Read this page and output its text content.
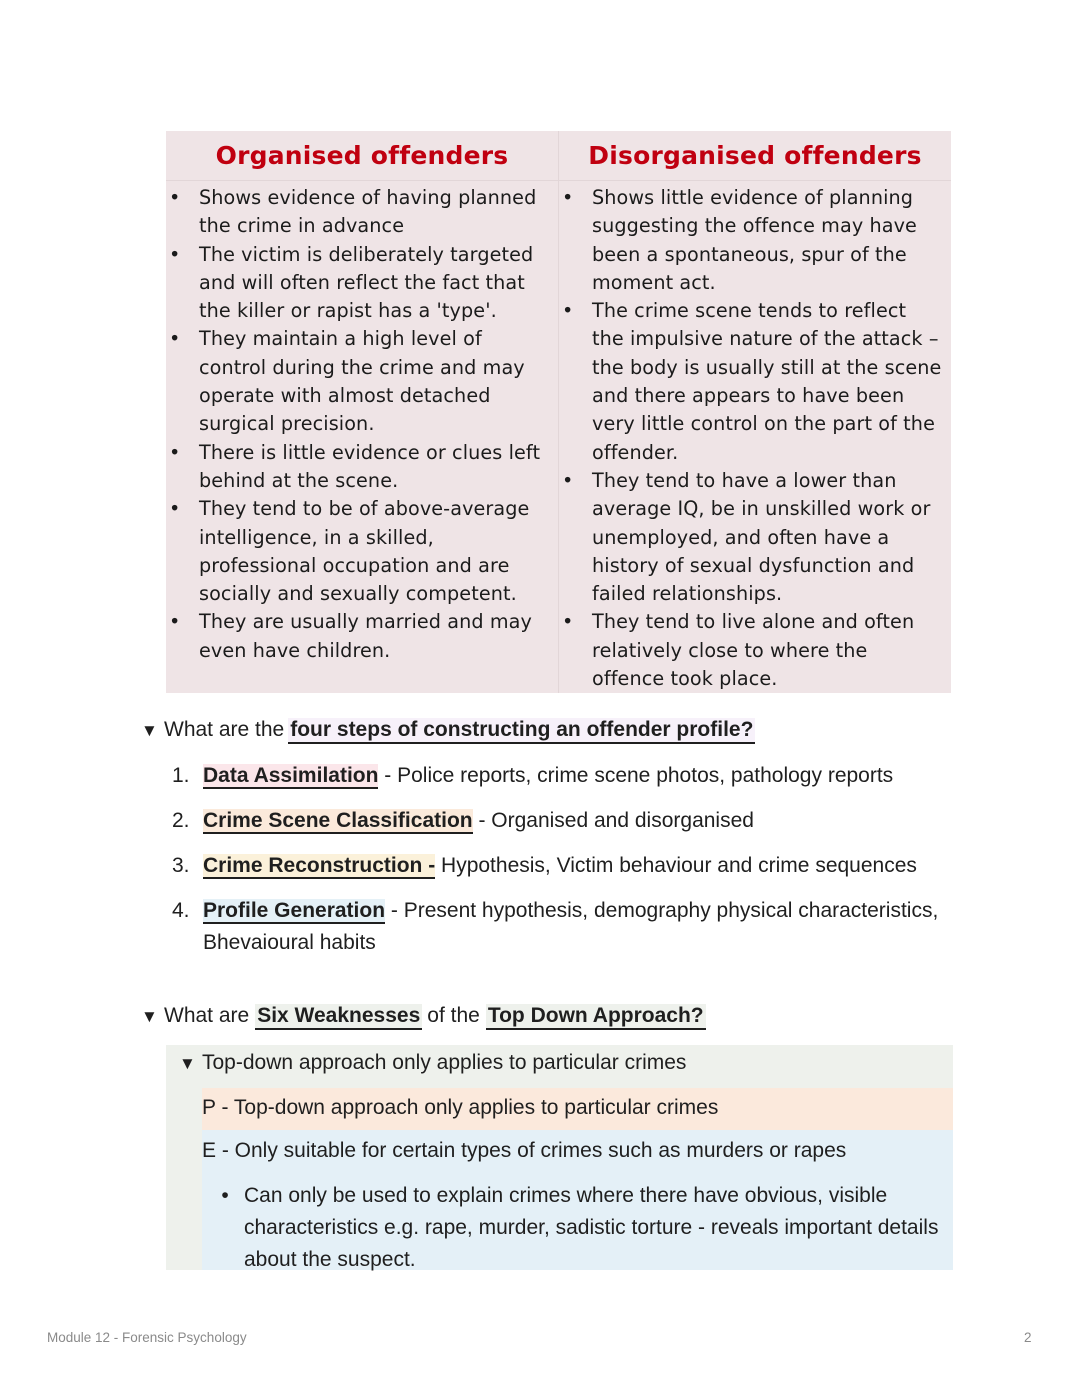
Organised offenders	Disorganised offenders
• Shows evidence of having planned
the crime in advance
• The victim is deliberately targeted
and will often reflect the fact that
the killer or rapist has a 'type'.
• They maintain a high level of
control during the crime and may
operate with almost detached
surgical precision.
• There is little evidence or clues left
behind at the scene.
• They tend to be of above-average
intelligence, in a skilled,
professional occupation and are
socially and sexually competent.
• They are usually married and may
even have children.
• Shows little evidence of planning
suggesting the offence may have
been a spontaneous, spur of the
moment act.
• The crime scene tends to reflect
the impulsive nature of the attack –
the body is usually still at the scene
and there appears to have been
very little control on the part of the
offender.
• They tend to have a lower than
average IQ, be in unskilled work or
unemployed, and often have a
history of sexual dysfunction and
failed relationships.
• They tend to live alone and often
relatively close to where the
offence took place.
▼ What are the four steps of constructing an offender profile?
1. Data Assimilation - Police reports, crime scene photos, pathology reports
2. Crime Scene Classification - Organised and disorganised
3. Crime Reconstruction - Hypothesis, Victim behaviour and crime sequences
4. Profile Generation - Present hypothesis, demography physical characteristics, Bhevaioural habits
▼ What are Six Weaknesses of the Top Down Approach?
▼ Top-down approach only applies to particular crimes
P - Top-down approach only applies to particular crimes
E - Only suitable for certain types of crimes such as murders or rapes
• Can only be used to explain crimes where there have obvious, visible characteristics e.g. rape, murder, sadistic torture - reveals important details about the suspect.
Module 12 - Forensic Psychology	2
